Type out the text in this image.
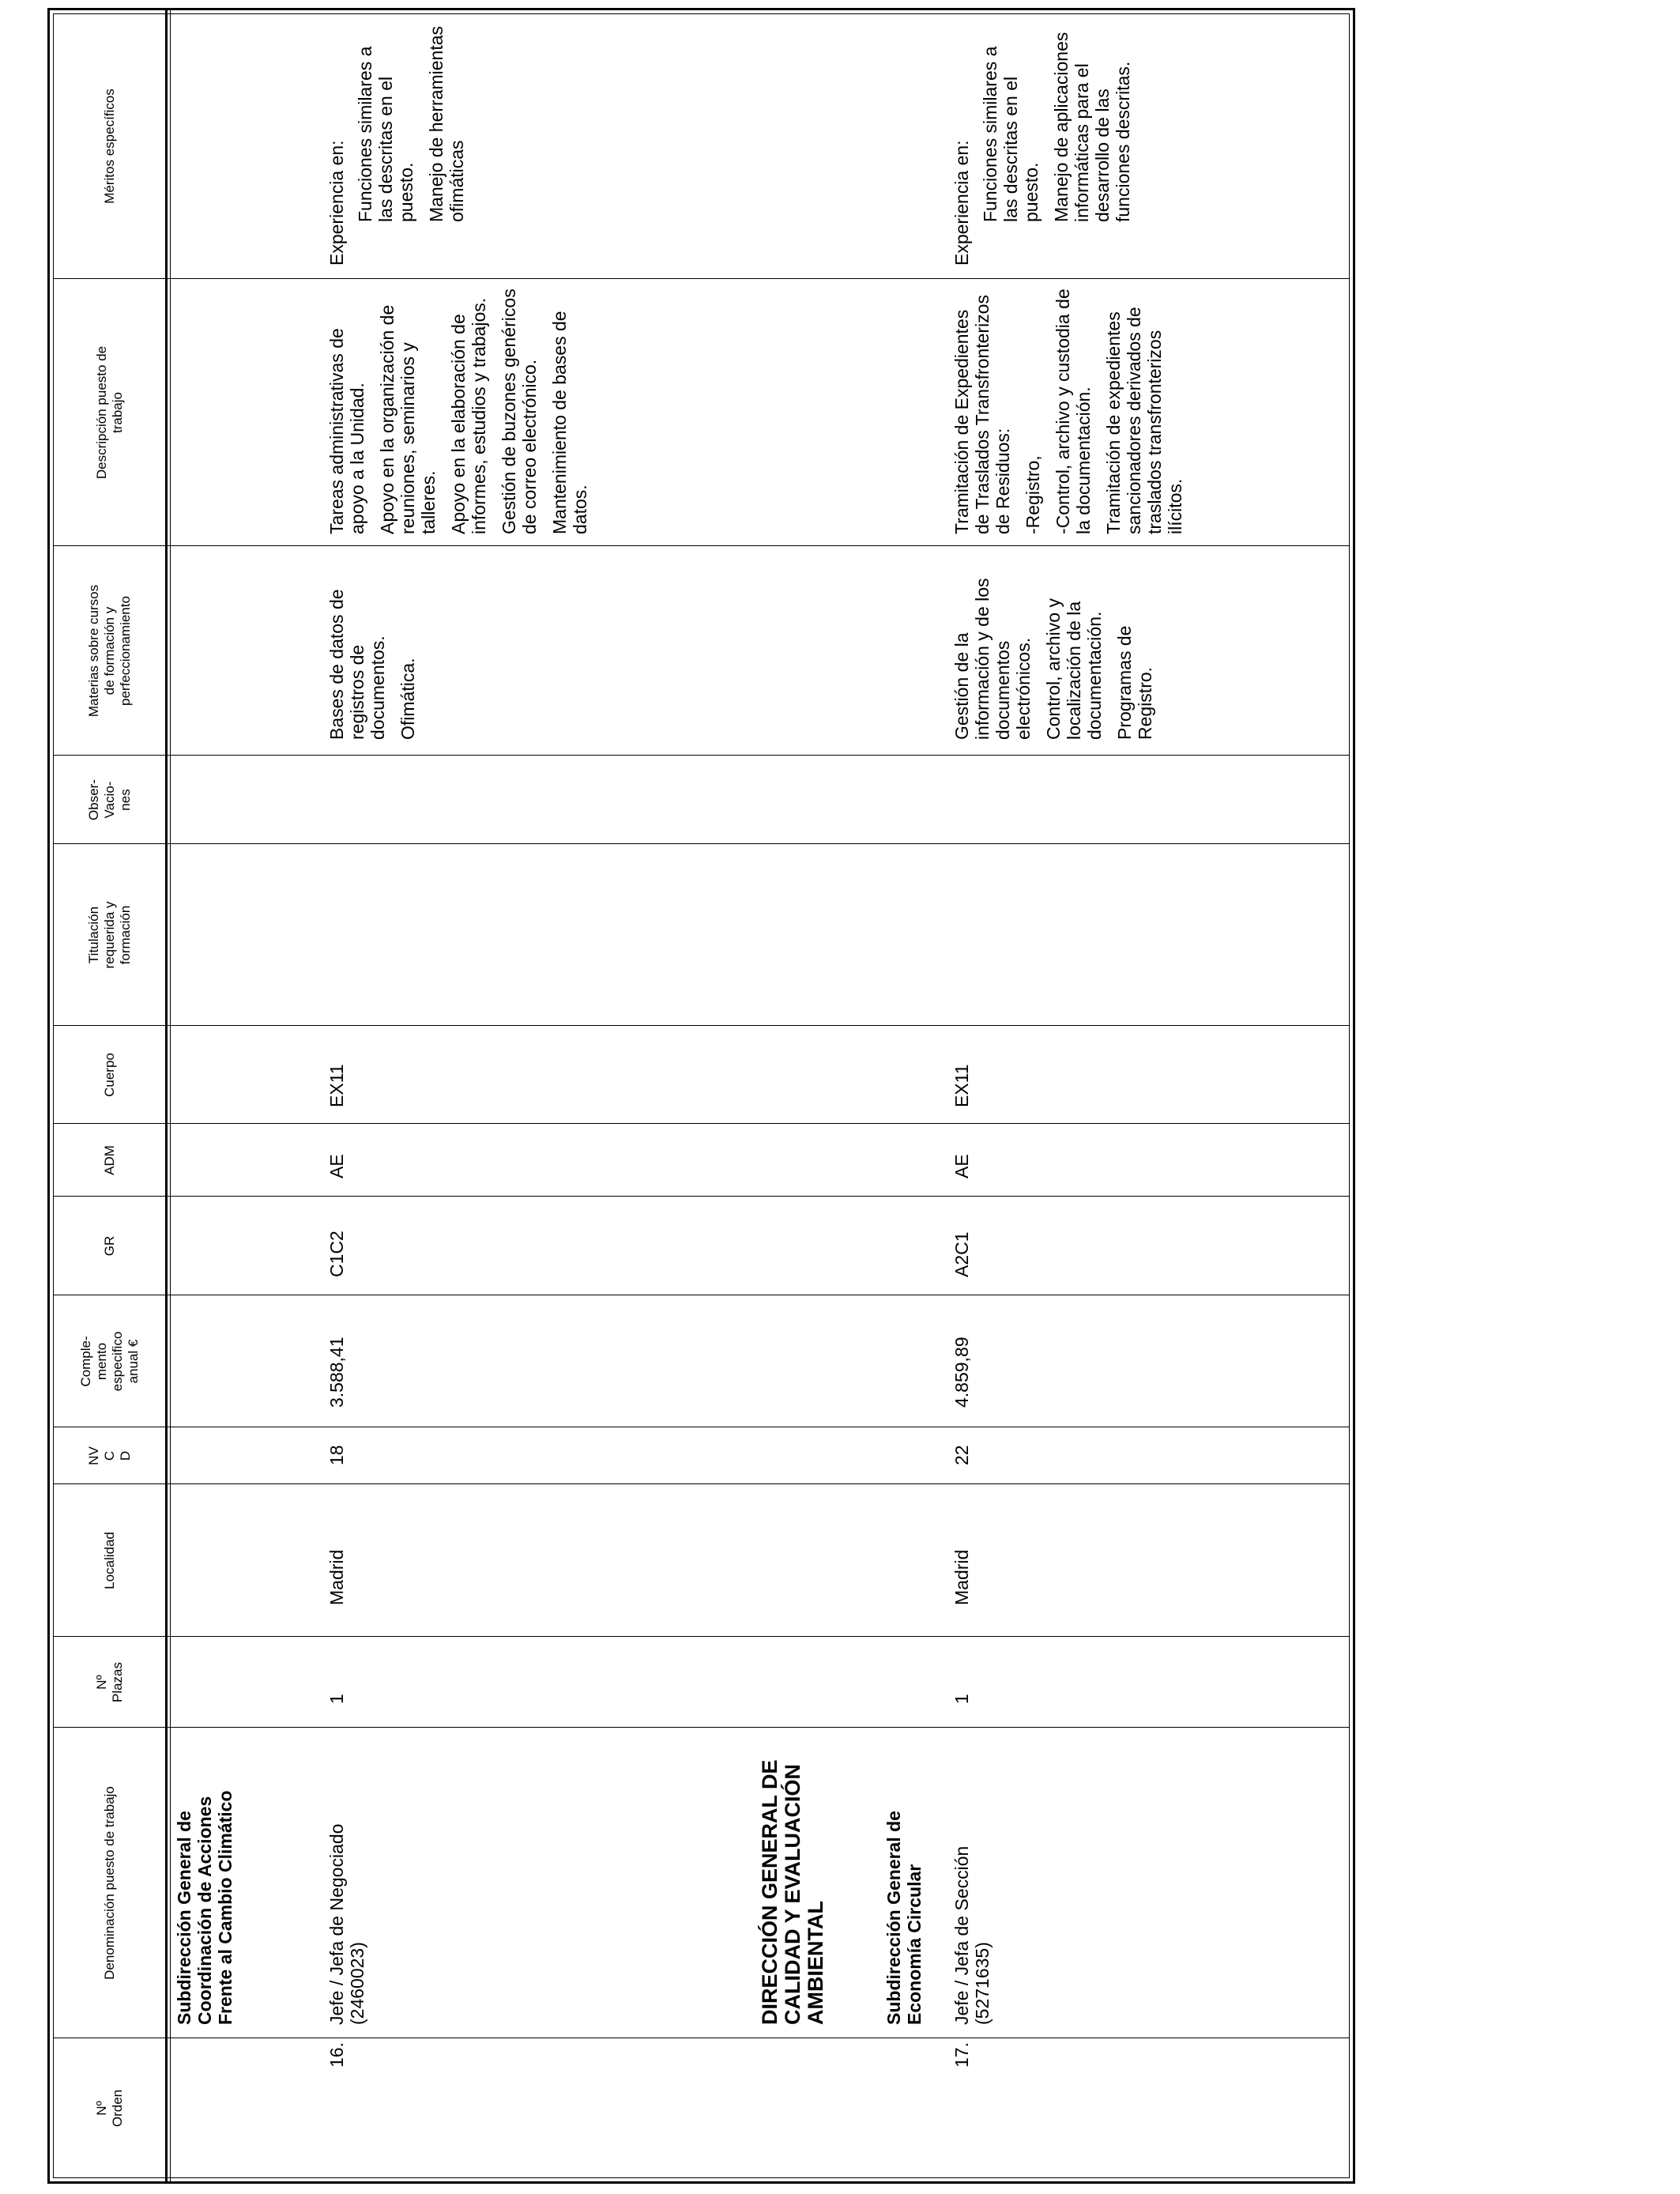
Nº
Orden
Denominación puesto de trabajo
Nº
Plazas
Localidad
NV
C
D
Comple-
mento
especifico
anual €
GR
ADM
Cuerpo
Titulación
requerida y
formación
Obser-
Vacio-
nes
Materias sobre cursos
de formación y
perfeccionamiento
Descripción puesto de
trabajo
Méritos específicos
Subdirección General de Coordinación de Acciones Frente al Cambio Climático
16.
Jefe / Jefa de Negociado (2460023)
1
Madrid
18
3.588,41
C1C2
AE
EX11

Bases de datos de registros de documentos. Ofimática.

Tareas administrativas de apoyo a la Unidad. Apoyo en la organización de reuniones, seminarios y talleres. Apoyo en la elaboración de informes, estudios y trabajos. Gestión de buzones genéricos de correo electrónico. Mantenimiento de bases de datos.

Experiencia en: Funciones similares a las descritas en el puesto. Manejo de herramientas ofimáticas

DIRECCIÓN GENERAL DE CALIDAD Y EVALUACIÓN AMBIENTAL	Subdirección General de Economía Circular
17.
Jefe / Jefa de Sección (5271635)
1
Madrid
22
4.859,89
A2C1
AE
EX11

Gestión de la información y de los documentos electrónicos. Control, archivo y localización de la documentación. Programas de Registro.

Tramitación de Expedientes de Traslados Transfronterizos de Residuos: -Registro, -Control, archivo y custodia de la documentación. Tramitación de expedientes sancionadores derivados de traslados transfronterizos ilícitos.

Experiencia en: Funciones similares a las descritas en el puesto. Manejo de aplicaciones informáticas para el desarrollo de las funciones descritas.
